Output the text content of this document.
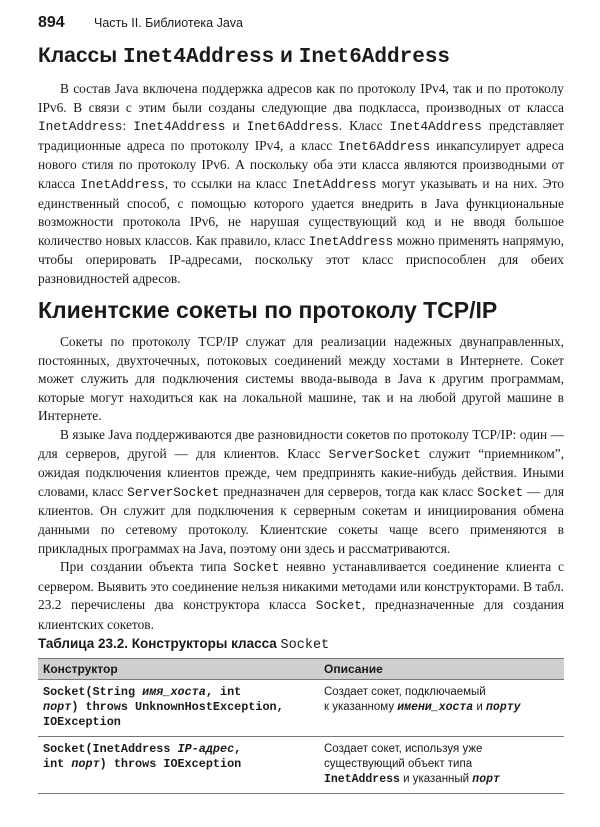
894 Часть II. Библиотека Java
Классы Inet4Address и Inet6Address

В состав Java включена поддержка адресов как по протоколу IPv4, так и по протоколу IPv6. В связи с этим были созданы следующие два подкласса, производных от класса InetAddress: Inet4Address и Inet6Address. Класс Inet4Address представляет традиционные адреса по протоколу IPv4, а класс Inet6Address инкапсулирует адреса нового стиля по протоколу IPv6. А поскольку оба эти класса являются производными от класса InetAddress, то ссылки на класс InetAddress могут указывать и на них. Это единственный способ, с помощью которого удается внедрить в Java функциональные возможности протокола IPv6, не нарушая существующий код и не вводя большое количество новых классов. Как правило, класс InetAddress можно применять напрямую, чтобы оперировать IP-адресами, поскольку этот класс приспособлен для обеих разновидностей адресов.

Клиентские сокеты по протоколу TCP/IP

Сокеты по протоколу TCP/IP служат для реализации надежных двунаправленных, постоянных, двухточечных, потоковых соединений между хостами в Интернете. Сокет может служить для подключения системы ввода-вывода в Java к другим программам, которые могут находиться как на локальной машине, так и на любой другой машине в Интернете.

В языке Java поддерживаются две разновидности сокетов по протоколу TCP/IP: один — для серверов, другой — для клиентов. Класс ServerSocket служит “приемником”, ожидая подключения клиентов прежде, чем предпринять какие-нибудь действия. Иными словами, класс ServerSocket предназначен для серверов, тогда как класс Socket — для клиентов. Он служит для подключения к серверным сокетам и инициирования обмена данными по сетевому протоколу. Клиентские сокеты чаще всего применяются в прикладных программах на Java, поэтому они здесь и рассматриваются.

При создании объекта типа Socket неявно устанавливается соединение клиента с сервером. Выявить это соединение нельзя никакими методами или конструкторами. В табл. 23.2 перечислены два конструктора класса Socket, предназначенные для создания клиентских сокетов.

Таблица 23.2. Конструкторы класса Socket
Конструктор	Описание
Socket(String имя_хоста, int
порт) throws UnknownHostException,
IOException
Создает сокет, подключаемый
к указанному имени_хоста и порту
Socket(InetAddress IP-адрес,
int порт) throws IOException
Создает сокет, используя уже
существующий объект типа
InetAddress и указанный порт
